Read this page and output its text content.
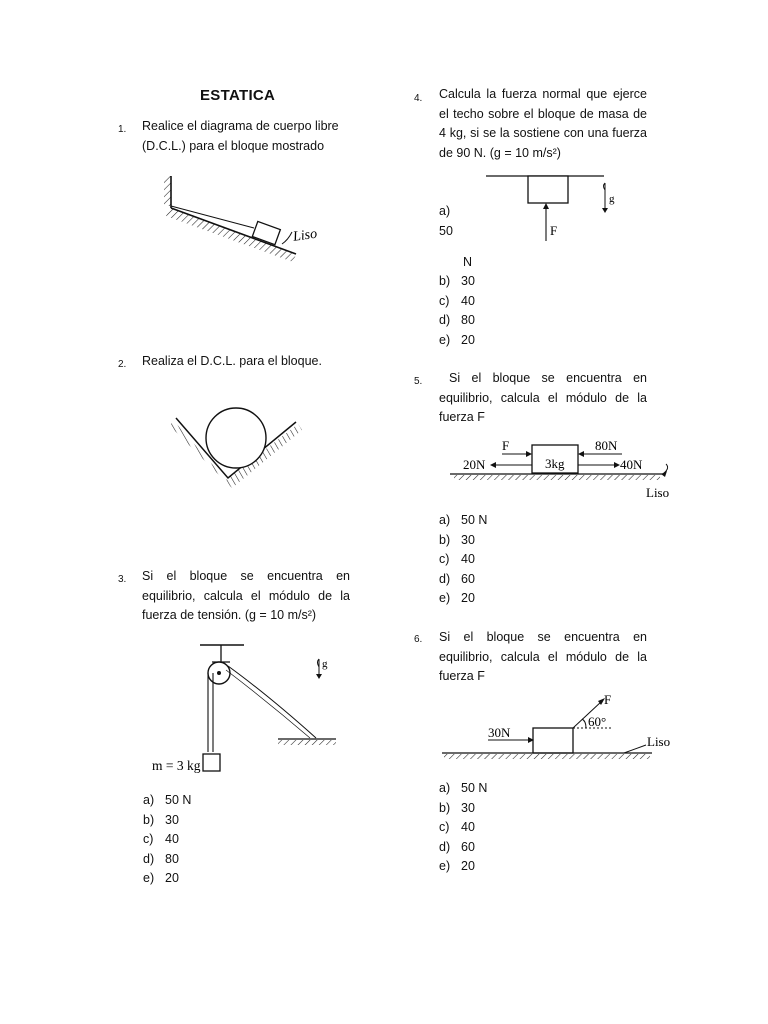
ESTATICA
1. Realice el diagrama de cuerpo libre (D.C.L.) para el bloque mostrado
Liso
2. Realiza el D.C.L. para el bloque.
3. Si el bloque se encuentra en equilibrio, calcula el módulo de la fuerza de tensión. (g = 10 m/s²)
m = 3 kg
g
a) 50 N
b) 30
c) 40
d) 80
e) 20
4. Calcula la fuerza normal que ejerce el techo sobre el bloque de masa de 4 kg, si se la sostiene con una fuerza de 90 N. (g = 10 m/s²)
F
g
a)
50
N
b) 30
c) 40
d) 80
e) 20
5.	Si el bloque se encuentra en equilibrio, calcula el módulo de la fuerza F
3kg
F	80N
20N	40N
Liso
a) 50 N
b) 30
c) 40
d) 60
e) 20
6. Si el bloque se encuentra en equilibrio, calcula el módulo de la fuerza F
30N
F
60°
Liso
a) 50 N
b) 30
c) 40
d) 60
e) 20
